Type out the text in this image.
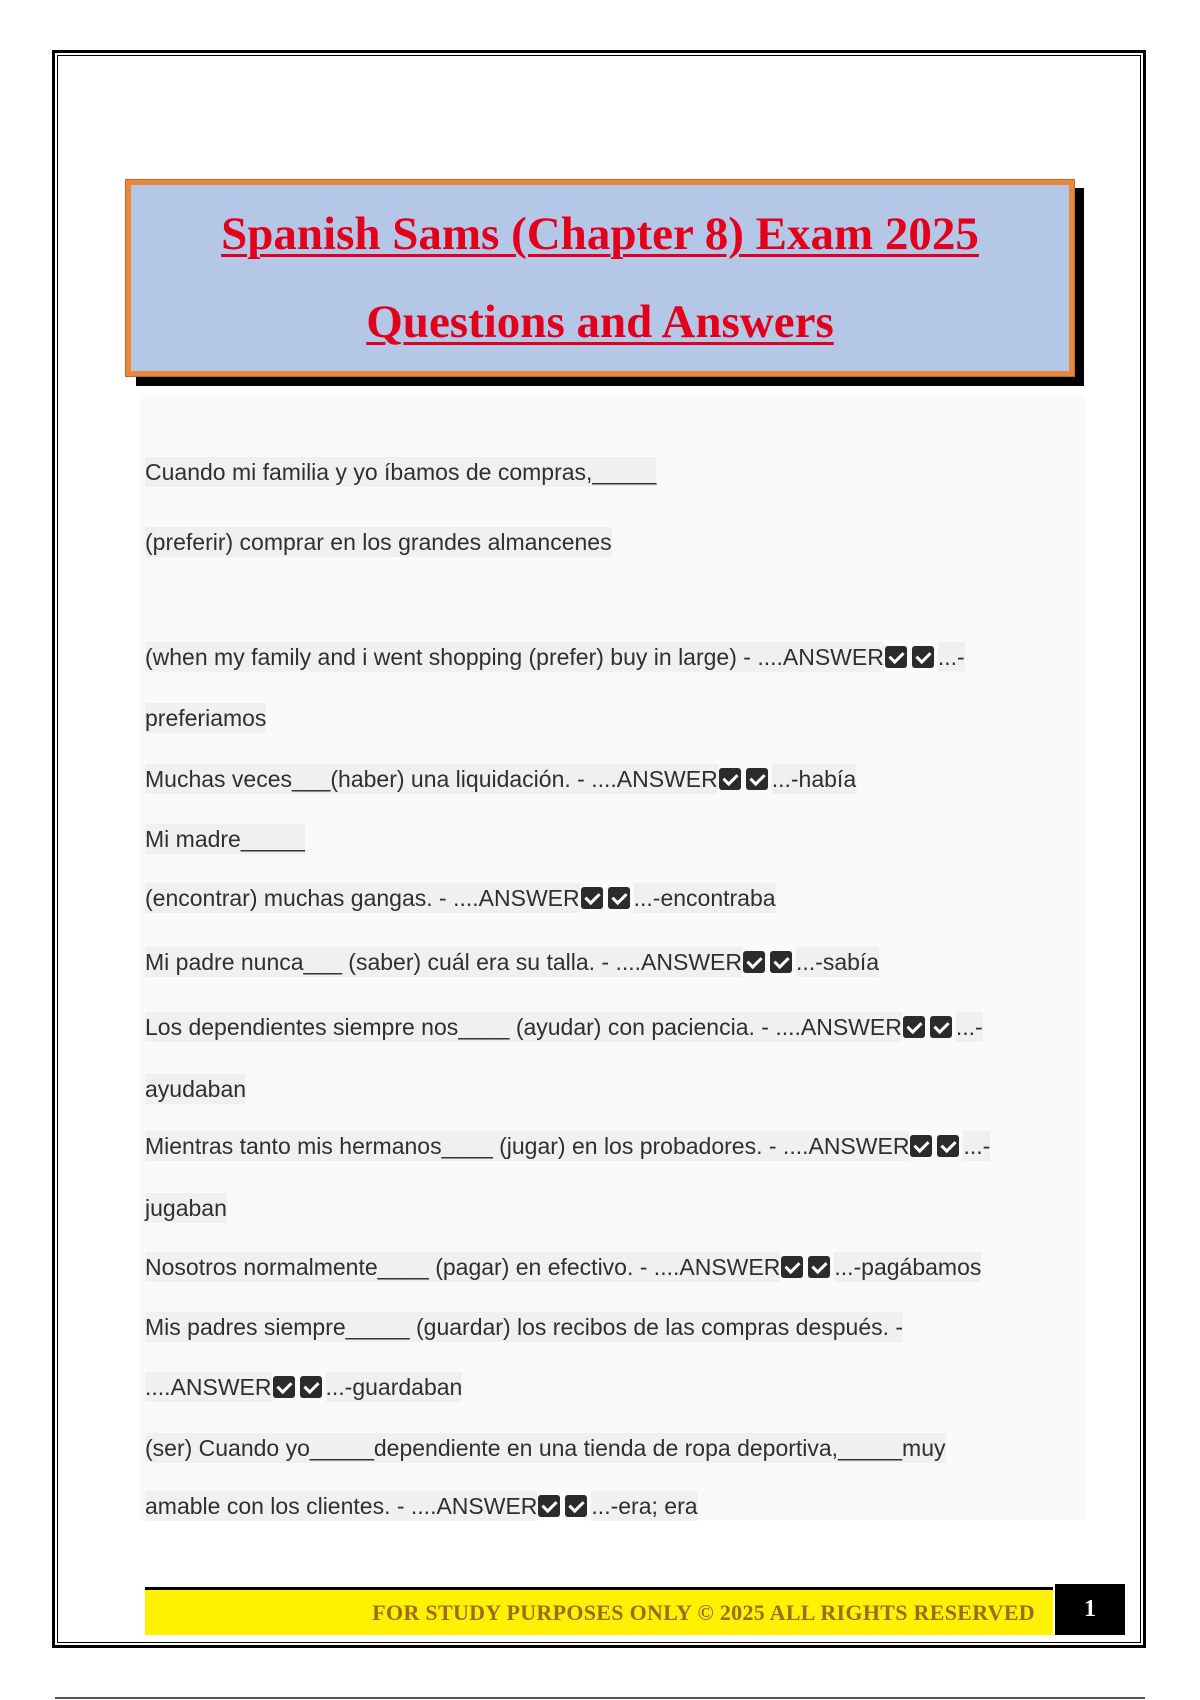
Spanish Sams (Chapter 8) Exam 2025
Questions and Answers
Cuando mi familia y yo íbamos de compras,_____
(preferir) comprar en los grandes almancenes
(when my family and i went shopping (prefer) buy in large) - ....ANSWER ...-
preferiamos
Muchas veces___(haber) una liquidación. - ....ANSWER ...-había
Mi madre_____
(encontrar) muchas gangas. - ....ANSWER ...-encontraba
Mi padre nunca___ (saber) cuál era su talla. - ....ANSWER ...-sabía
Los dependientes siempre nos____ (ayudar) con paciencia. - ....ANSWER ...-
ayudaban
Mientras tanto mis hermanos____ (jugar) en los probadores. - ....ANSWER ...-
jugaban
Nosotros normalmente____ (pagar) en efectivo. - ....ANSWER ...-pagábamos
Mis padres siempre_____ (guardar) los recibos de las compras después. -
....ANSWER ...-guardaban
(ser) Cuando yo_____dependiente en una tienda de ropa deportiva,_____muy
amable con los clientes. - ....ANSWER ...-era; era
FOR STUDY PURPOSES ONLY © 2025 ALL RIGHTS RESERVED 1
